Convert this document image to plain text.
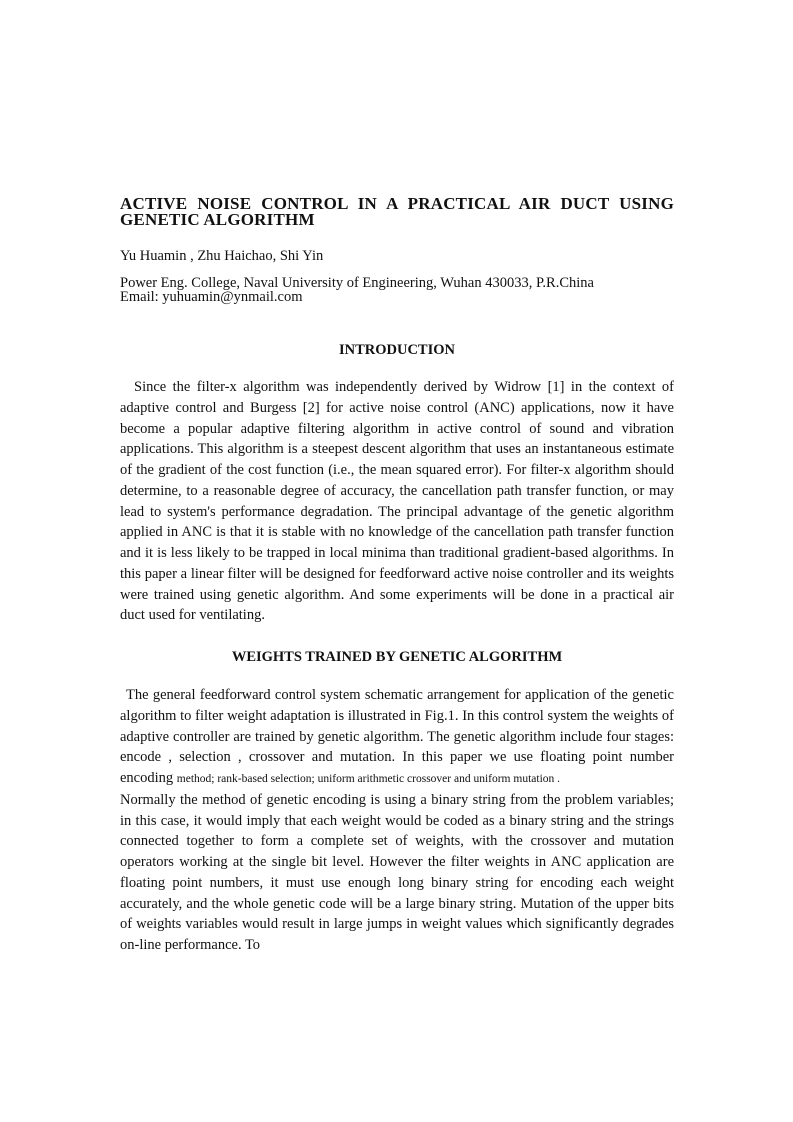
ACTIVE NOISE CONTROL IN A PRACTICAL AIR DUCT USING GENETIC ALGORITHM
Yu Huamin , Zhu Haichao, Shi Yin
Power Eng. College, Naval University of Engineering, Wuhan 430033, P.R.China
Email: yuhuamin@ynmail.com
INTRODUCTION

Since the filter-x algorithm was independently derived by Widrow [1] in the context of adaptive control and Burgess [2] for active noise control (ANC) applications, now it have become a popular adaptive filtering algorithm in active control of sound and vibration applications. This algorithm is a steepest descent algorithm that uses an instantaneous estimate of the gradient of the cost function (i.e., the mean squared error). For filter-x algorithm should determine, to a reasonable degree of accuracy, the cancellation path transfer function, or may lead to system's performance degradation. The principal advantage of the genetic algorithm applied in ANC is that it is stable with no knowledge of the cancellation path transfer function and it is less likely to be trapped in local minima than traditional gradient-based algorithms. In this paper a linear filter will be designed for feedforward active noise controller and its weights were trained using genetic algorithm. And some experiments will be done in a practical air duct used for ventilating.

WEIGHTS TRAINED BY GENETIC ALGORITHM

The general feedforward control system schematic arrangement for application of the genetic algorithm to filter weight adaptation is illustrated in Fig.1. In this control system the weights of adaptive controller are trained by genetic algorithm. The genetic algorithm include four stages: encode , selection , crossover and mutation. In this paper we use floating point number encoding method; rank-based selection; uniform arithmetic crossover and uniform mutation .

Normally the method of genetic encoding is using a binary string from the problem variables; in this case, it would imply that each weight would be coded as a binary string and the strings connected together to form a complete set of weights, with the crossover and mutation operators working at the single bit level. However the filter weights in ANC application are floating point numbers, it must use enough long binary string for encoding each weight accurately, and the whole genetic code will be a large binary string. Mutation of the upper bits of weights variables would result in large jumps in weight values which significantly degrades on-line performance. To
